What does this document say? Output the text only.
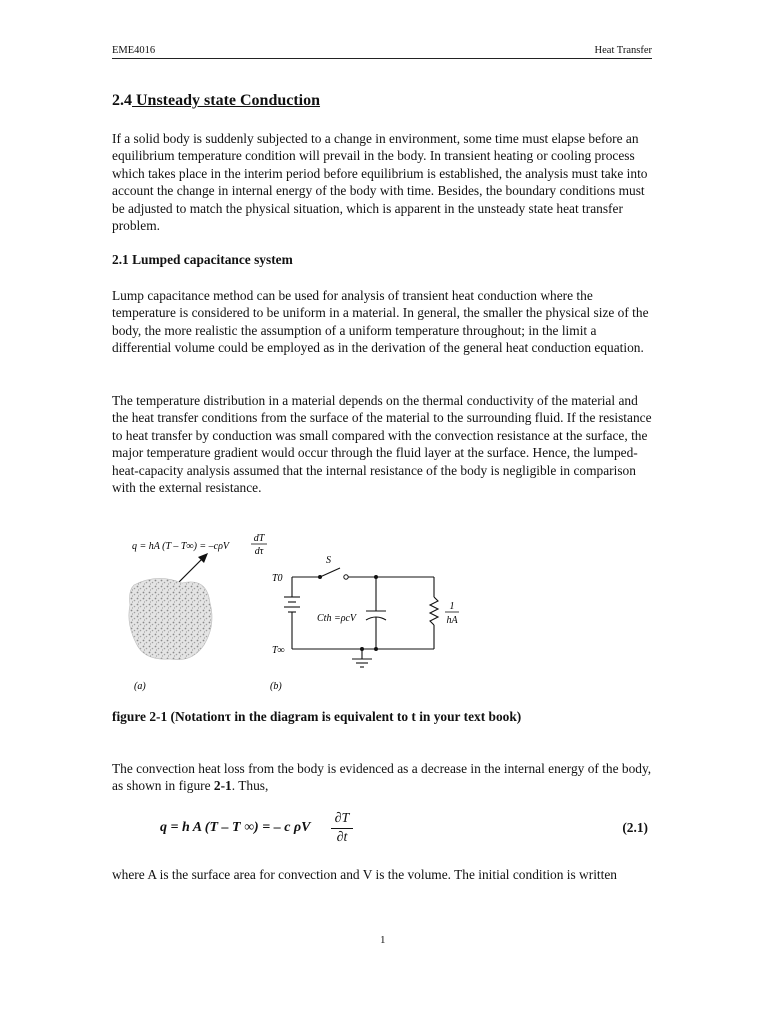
EME4016	Heat Transfer
2.4 Unsteady state Conduction

If a solid body is suddenly subjected to a change in environment, some time must elapse before an equilibrium temperature condition will prevail in the body. In transient heating or cooling process which takes place in the interim period before equilibrium is established, the analysis must take into account the change in internal energy of the body with time. Besides, the boundary conditions must be adjusted to match the physical situation, which is apparent in the unsteady state heat transfer problem.

2.1 Lumped capacitance system

Lump capacitance method can be used for analysis of transient heat conduction where the temperature is considered to be uniform in a material. In general, the smaller the physical size of the body, the more realistic the assumption of a uniform temperature throughout; in the limit a differential volume could be employed as in the derivation of the general heat conduction equation.

The temperature distribution in a material depends on the thermal conductivity of the material and the heat transfer conditions from the surface of the material to the surrounding fluid. If the resistance to heat transfer by conduction was small compared with the convection resistance at the surface, the major temperature gradient would occur through the fluid layer at the surface. Hence, the lumped-heat-capacity analysis assumed that the internal resistance of the body is negligible in comparison with the external resistance.

q = hA (T – T∞) = –cρV
dT
dτ
S
T0
T∞
Cth =ρcV
1
hA
(a)	(b)
figure 2-1 (Notationτ in the diagram is equivalent to t in your text book)

The convection heat loss from the body is evidenced as a decrease in the internal energy of the body, as shown in figure 2-1. Thus,

q = h A (T – T ∞) = – c ρV $\frac{\partial T}{\partial t}$	(2.1)

where A is the surface area for convection and V is the volume. The initial condition is written

1
